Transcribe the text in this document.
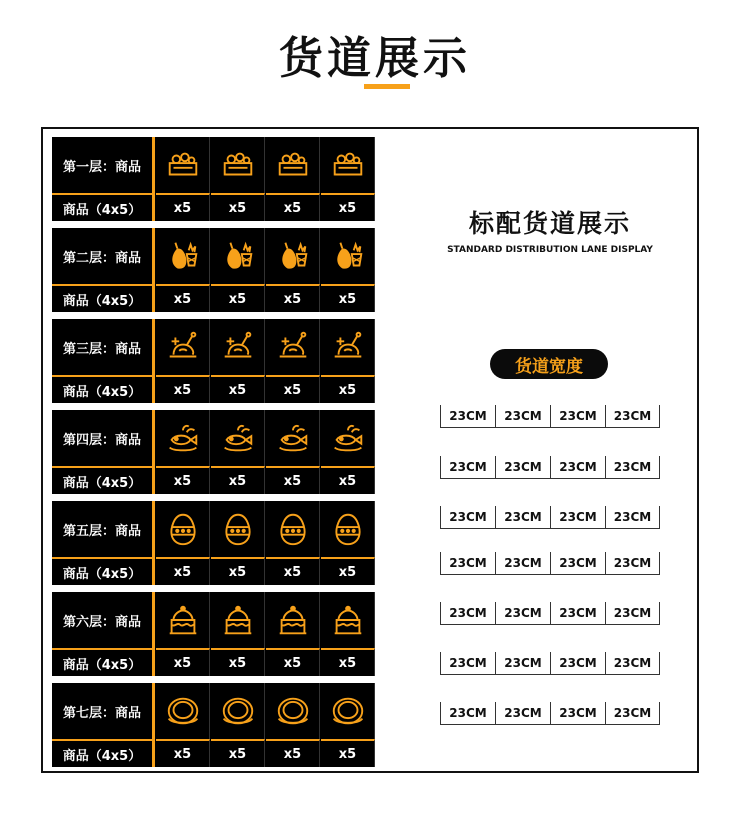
货道展示
第一层：商品
商品（4x5）	x5	x5	x5	x5
第二层：商品
商品（4x5）	x5	x5	x5	x5
第三层：商品
商品（4x5）	x5	x5	x5	x5
第四层：商品
商品（4x5）	x5	x5	x5	x5
第五层：商品
商品（4x5）	x5	x5	x5	x5
第六层：商品
商品（4x5）	x5	x5	x5	x5
第七层：商品
商品（4x5）	x5	x5	x5	x5
标配货道展示
STANDARD DISTRIBUTION LANE DISPLAY
货道宽度
23CM	23CM	23CM	23CM
23CM	23CM	23CM	23CM
23CM	23CM	23CM	23CM
23CM	23CM	23CM	23CM
23CM	23CM	23CM	23CM
23CM	23CM	23CM	23CM
23CM	23CM	23CM	23CM
